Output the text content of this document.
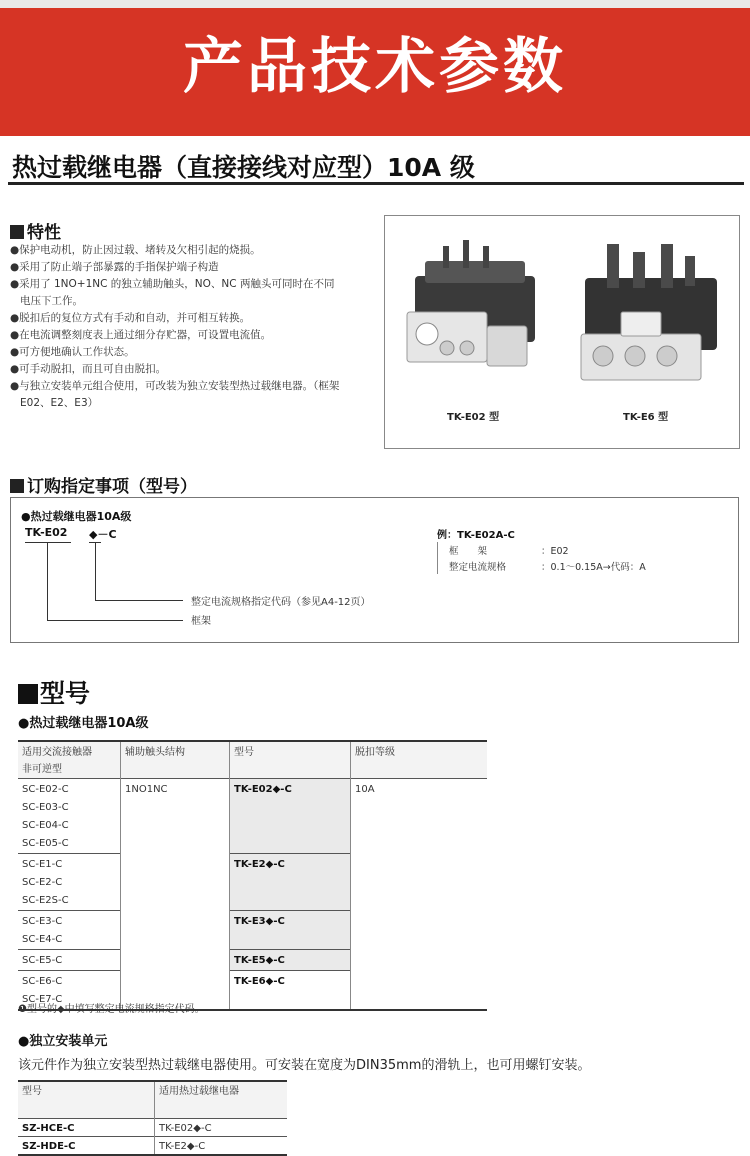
产品技术参数
热过载继电器（直接接线对应型）10A 级
特性
●保护电动机，防止因过载、堵转及欠相引起的烧损。
●采用了防止端子部暴露的手指保护端子构造
●采用了 1NO+1NC 的独立辅助触头，NO、NC 两触头可同时在不同
电压下工作。
●脱扣后的复位方式有手动和自动，并可相互转换。
●在电流调整刻度表上通过细分存贮器，可设置电流值。
●可方便地确认工作状态。
●可手动脱扣，而且可自由脱扣。
●与独立安装单元组合使用，可改装为独立安装型热过载继电器。（框架
E02、E2、E3）
TK-E02 型	TK-E6 型
订购指定事项（型号）
●热过载继电器10A级
TK-E02 ◆－C
整定电流规格指定代码（参见A4-12页）
框架
例：TK-E02A-C
框　　架	：E02
整定电流规格	：0.1～0.15A→代码：A
型号
●热过载继电器10A级
适用交流接触器
非可逆型	辅助触头结构	型号	脱扣等级

SC-E02-C
SC-E03-C
SC-E04-C
SC-E05-C	1NO1NC	TK-E02◆-C	10A

SC-E1-C
SC-E2-C
SC-E2S-C		TK-E2◆-C	

SC-E3-C
SC-E4-C		TK-E3◆-C	

SC-E5-C		TK-E5◆-C	

SC-E6-C
SC-E7-C		TK-E6◆-C	
❶型号的◆中填写整定电流规格指定代码。
●独立安装单元
该元件作为独立安装型热过载继电器使用。可安装在宽度为DIN35mm的滑轨上，也可用螺钉安装。
型号	适用热过载继电器
SZ-HCE-C	TK-E02◆-C
SZ-HDE-C	TK-E2◆-C
